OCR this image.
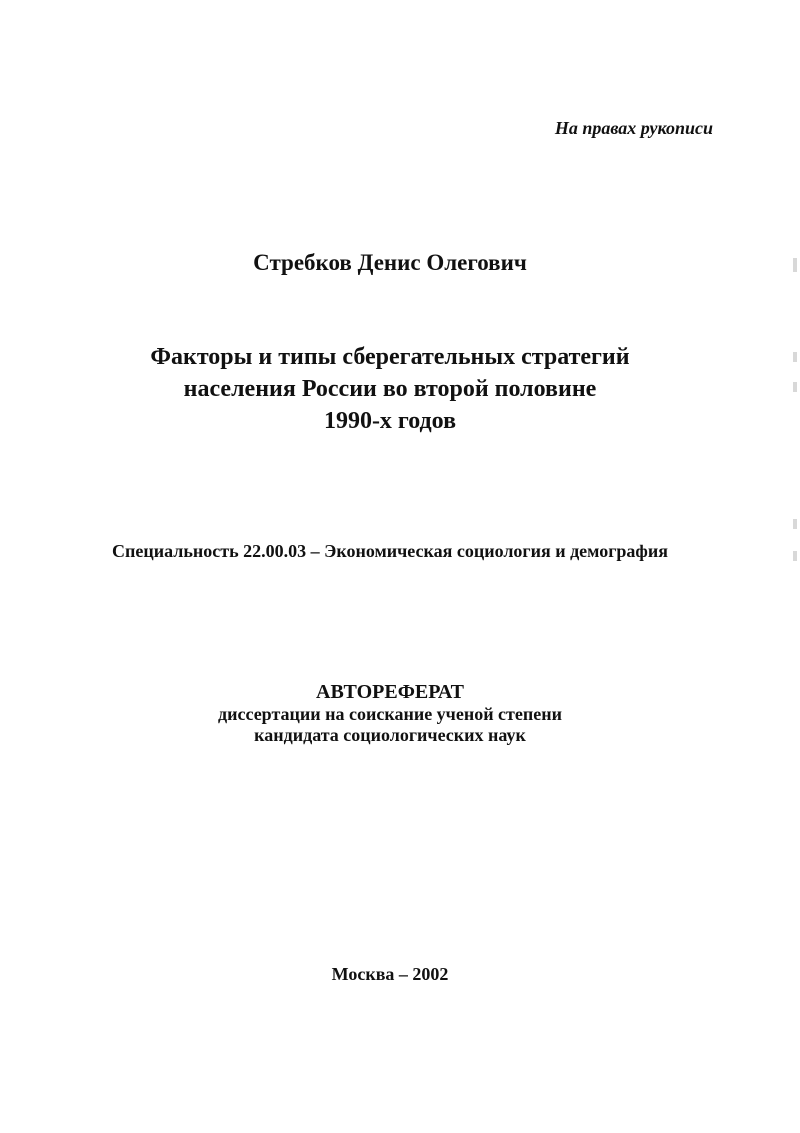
На правах рукописи
Стребков Денис Олегович
Факторы и типы сберегательных стратегий
населения России во второй половине
1990-х годов
Специальность 22.00.03 – Экономическая социология и демография
АВТОРЕФЕРАТ
диссертации на соискание ученой степени
кандидата социологических наук
Москва – 2002
